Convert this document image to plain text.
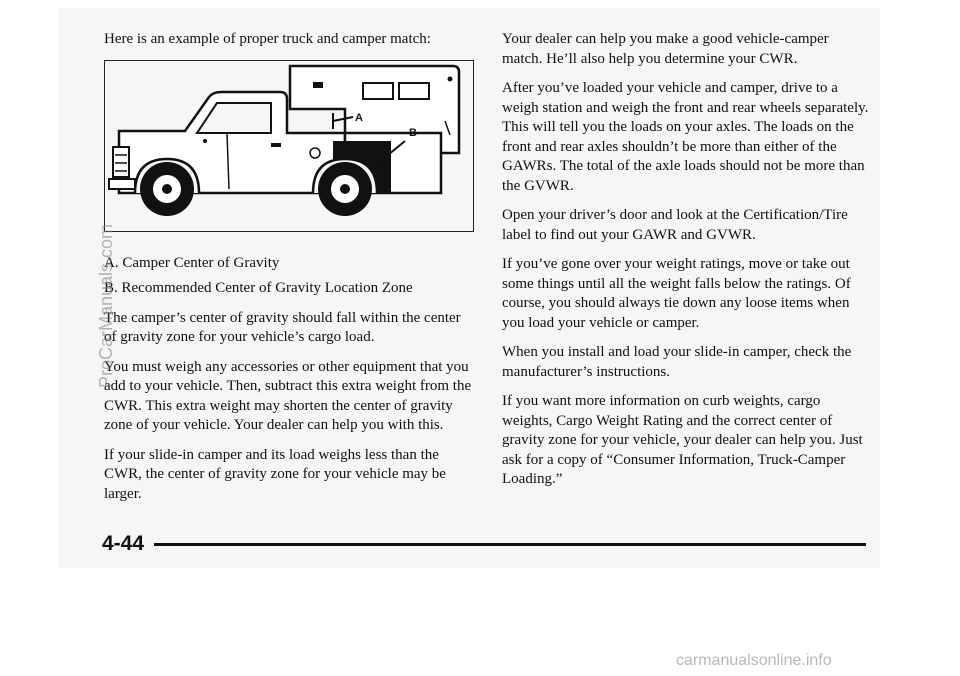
Here is an example of proper truck and camper match:

A
B

A. Camper Center of Gravity

B. Recommended Center of Gravity Location Zone

The camper’s center of gravity should fall within the center of gravity zone for your vehicle’s cargo load.

You must weigh any accessories or other equipment that you add to your vehicle. Then, subtract this extra weight from the CWR. This extra weight may shorten the center of gravity zone of your vehicle. Your dealer can help you with this.

If your slide-in camper and its load weighs less than the CWR, the center of gravity zone for your vehicle may be larger.

Your dealer can help you make a good vehicle-camper match. He’ll also help you determine your CWR.

After you’ve loaded your vehicle and camper, drive to a weigh station and weigh the front and rear wheels separately. This will tell you the loads on your axles. The loads on the front and rear axles shouldn’t be more than either of the GAWRs. The total of the axle loads should not be more than the GVWR.

Open your driver’s door and look at the Certification/Tire label to find out your GAWR and GVWR.

If you’ve gone over your weight ratings, move or take out some things until all the weight falls below the ratings. Of course, you should always tie down any loose items when you load your vehicle or camper.

When you install and load your slide-in camper, check the manufacturer’s instructions.

If you want more information on curb weights, cargo weights, Cargo Weight Rating and the correct center of gravity zone for your vehicle, your dealer can help you. Just ask for a copy of “Consumer Information, Truck-Camper Loading.”

4-44
ProCarManuals.com
carmanualsonline.info
